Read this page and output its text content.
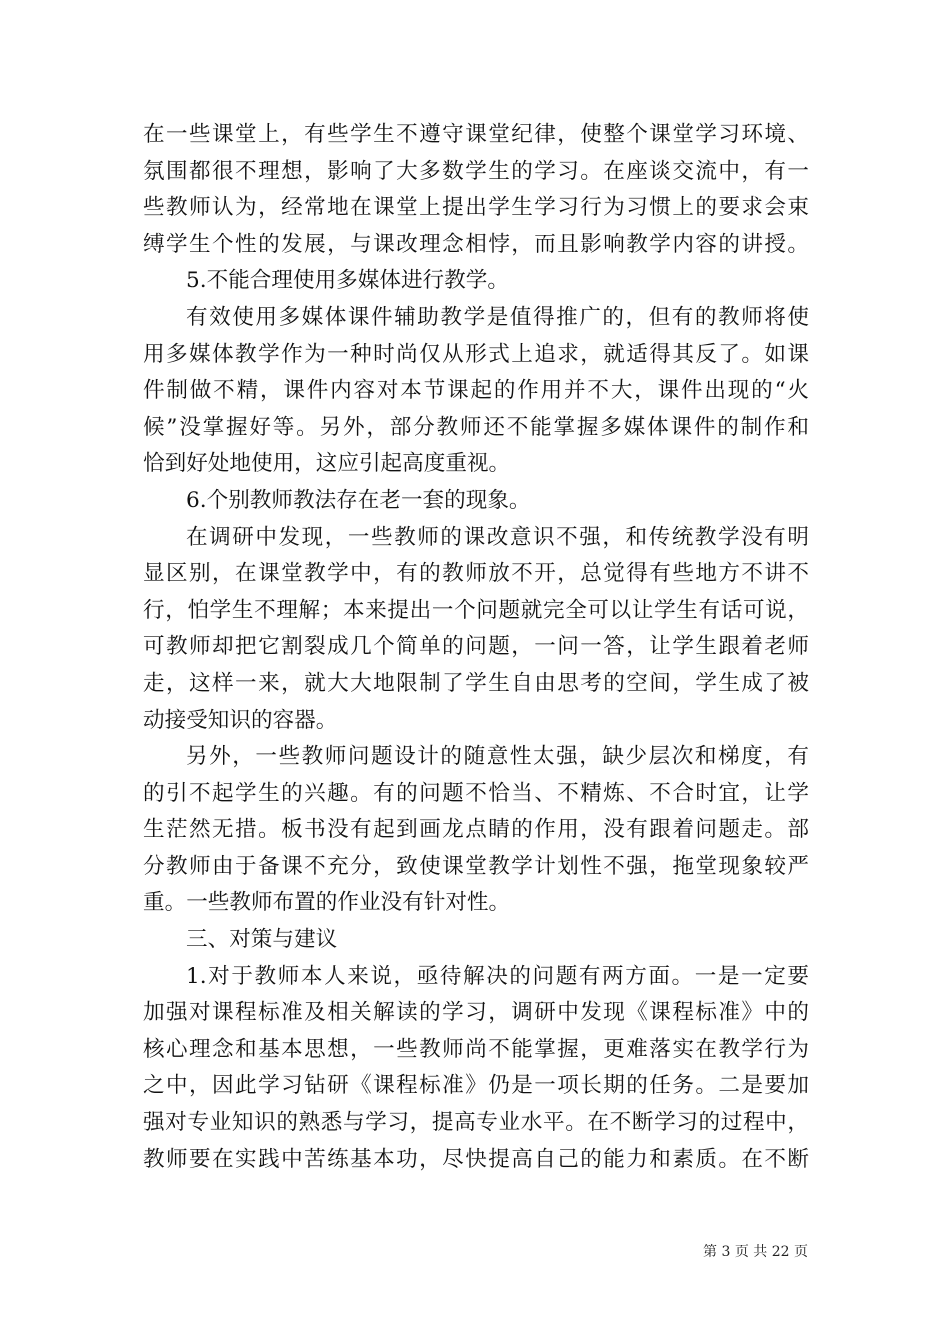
在一些课堂上，有些学生不遵守课堂纪律，使整个课堂学习环境、
氛围都很不理想，影响了大多数学生的学习。在座谈交流中，有一
些教师认为，经常地在课堂上提出学生学习行为习惯上的要求会束
缚学生个性的发展，与课改理念相悖，而且影响教学内容的讲授。
5.不能合理使用多媒体进行教学。
有效使用多媒体课件辅助教学是值得推广的，但有的教师将使
用多媒体教学作为一种时尚仅从形式上追求，就适得其反了。如课
件制做不精，课件内容对本节课起的作用并不大，课件出现的“火
候”没掌握好等。另外，部分教师还不能掌握多媒体课件的制作和
恰到好处地使用，这应引起高度重视。
6.个别教师教法存在老一套的现象。
在调研中发现，一些教师的课改意识不强，和传统教学没有明
显区别，在课堂教学中，有的教师放不开，总觉得有些地方不讲不
行，怕学生不理解；本来提出一个问题就完全可以让学生有话可说，
可教师却把它割裂成几个简单的问题，一问一答，让学生跟着老师
走，这样一来，就大大地限制了学生自由思考的空间，学生成了被
动接受知识的容器。
另外，一些教师问题设计的随意性太强，缺少层次和梯度，有
的引不起学生的兴趣。有的问题不恰当、不精炼、不合时宜，让学
生茫然无措。板书没有起到画龙点睛的作用，没有跟着问题走。部
分教师由于备课不充分，致使课堂教学计划性不强，拖堂现象较严
重。一些教师布置的作业没有针对性。
三、对策与建议
1.对于教师本人来说，亟待解决的问题有两方面。一是一定要
加强对课程标准及相关解读的学习，调研中发现《课程标准》中的
核心理念和基本思想，一些教师尚不能掌握，更难落实在教学行为
之中，因此学习钻研《课程标准》仍是一项长期的任务。二是要加
强对专业知识的熟悉与学习，提高专业水平。在不断学习的过程中，
教师要在实践中苦练基本功，尽快提高自己的能力和素质。在不断
第 3 页 共 22 页
